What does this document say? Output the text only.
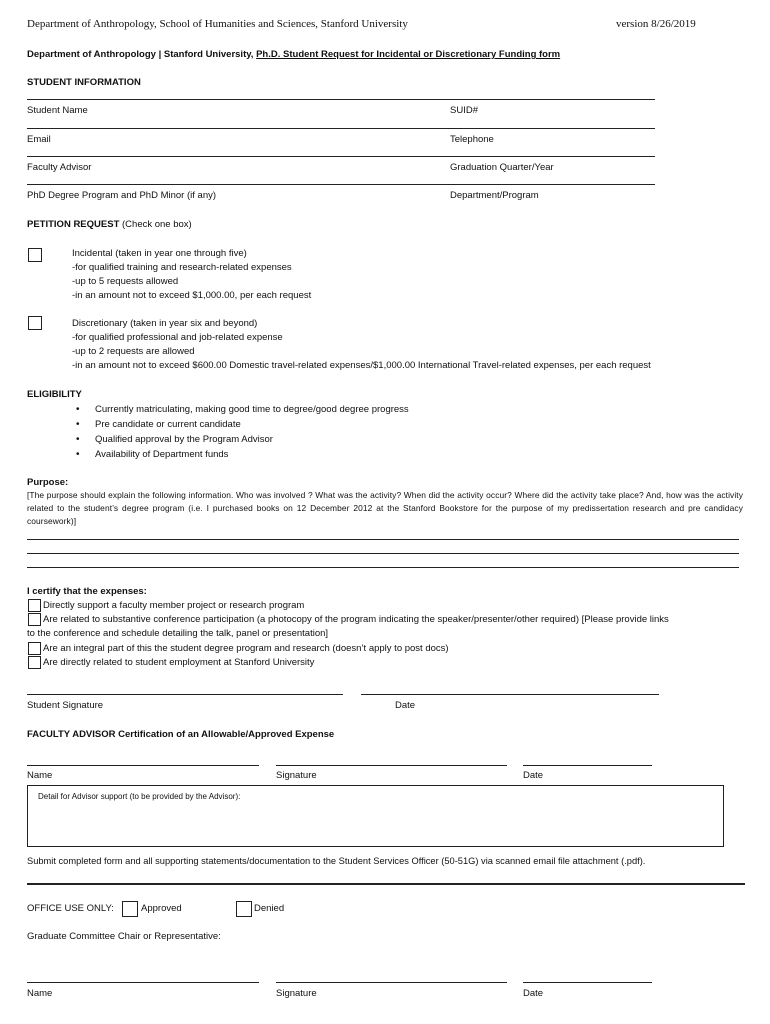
Department of Anthropology, School of Humanities and Sciences, Stanford University	version 8/26/2019
Department of Anthropology | Stanford University, Ph.D. Student Request for Incidental or Discretionary Funding form
STUDENT INFORMATION
Student Name	SUID#
Email	Telephone
Faculty Advisor	Graduation Quarter/Year
PhD Degree Program and PhD Minor (if any)	Department/Program
PETITION REQUEST (Check one box)
Incidental (taken in year one through five)
-for qualified training and research-related expenses
-up to 5 requests allowed
-in an amount not to exceed $1,000.00, per each request
Discretionary (taken in year six and beyond)
-for qualified professional and job-related expense
-up to 2 requests are allowed
-in an amount not to exceed $600.00 Domestic travel-related expenses/$1,000.00 International Travel-related expenses, per each request
ELIGIBILITY
• Currently matriculating, making good time to degree/good degree progress
• Pre candidate or current candidate
• Qualified approval by the Program Advisor
• Availability of Department funds
Purpose:
[The purpose should explain the following information. Who was involved ? What was the activity? When did the activity occur? Where did the activity take place? And, how was the activity related to the student’s degree program (i.e. I purchased books on 12 December 2012 at the Stanford Bookstore for the purpose of my predissertation research and pre candidacy coursework)]
I certify that the expenses:
Directly support a faculty member project or research program
Are related to substantive conference participation (a photocopy of the program indicating the speaker/presenter/other required) [Please provide links
to the conference and schedule detailing the talk, panel or presentation]
Are an integral part of this the student degree program and research (doesn’t apply to post docs)
Are directly related to student employment at Stanford University
Student Signature	Date
FACULTY ADVISOR Certification of an Allowable/Approved Expense
Name	Signature	Date
Detail for Advisor support (to be provided by the Advisor):
Submit completed form and all supporting statements/documentation to the Student Services Officer (50-51G) via scanned email file attachment (.pdf).
OFFICE USE ONLY:	Approved	Denied
Graduate Committee Chair or Representative:
Name	Signature	Date
